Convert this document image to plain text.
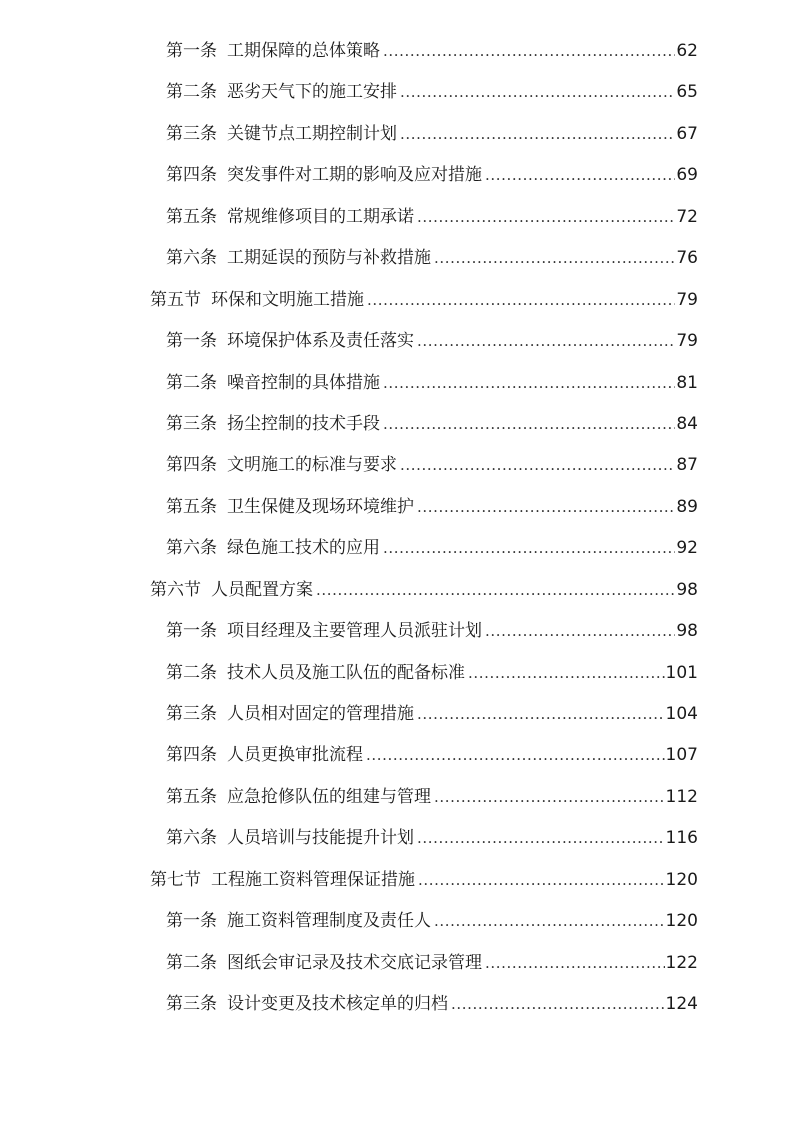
第一条 工期保障的总体策略 .....	62
第二条 恶劣天气下的施工安排 .....	65
第三条 关键节点工期控制计划 .....	67
第四条 突发事件对工期的影响及应对措施 .....	69
第五条 常规维修项目的工期承诺 .....	72
第六条 工期延误的预防与补救措施 .....	76
第五节 环保和文明施工措施 .....	79
第一条 环境保护体系及责任落实 .....	79
第二条 噪音控制的具体措施 .....	81
第三条 扬尘控制的技术手段 .....	84
第四条 文明施工的标准与要求 .....	87
第五条 卫生保健及现场环境维护 .....	89
第六条 绿色施工技术的应用 .....	92
第六节 人员配置方案 .....	98
第一条 项目经理及主要管理人员派驻计划 .....	98
第二条 技术人员及施工队伍的配备标准 .....	101
第三条 人员相对固定的管理措施 .....	104
第四条 人员更换审批流程 .....	107
第五条 应急抢修队伍的组建与管理 .....	112
第六条 人员培训与技能提升计划 .....	116
第七节 工程施工资料管理保证措施 .....	120
第一条 施工资料管理制度及责任人 .....	120
第二条 图纸会审记录及技术交底记录管理 .....	122
第三条 设计变更及技术核定单的归档 .....	124
